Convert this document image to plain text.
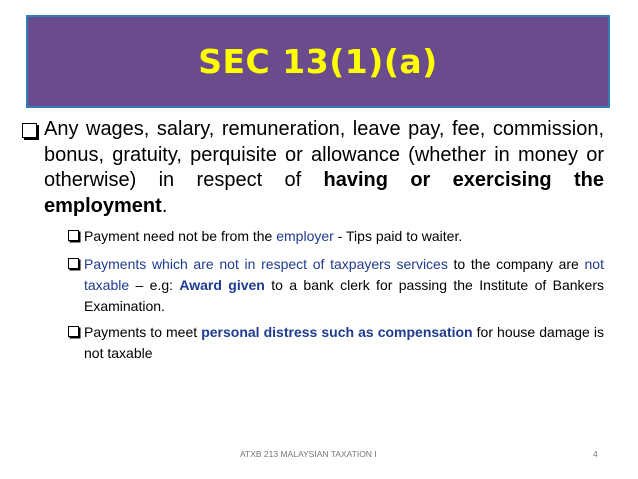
SEC 13(1)(a)
Any wages, salary, remuneration, leave pay, fee, commission, bonus, gratuity, perquisite or allowance (whether in money or otherwise) in respect of having or exercising the employment.
Payment need not be from the employer - Tips paid to waiter.
Payments which are not in respect of taxpayers services to the company are not taxable – e.g: Award given to a bank clerk for passing the Institute of Bankers Examination.
Payments to meet personal distress such as compensation for house damage is not taxable
ATXB 213 MALAYSIAN TAXATION I	4
